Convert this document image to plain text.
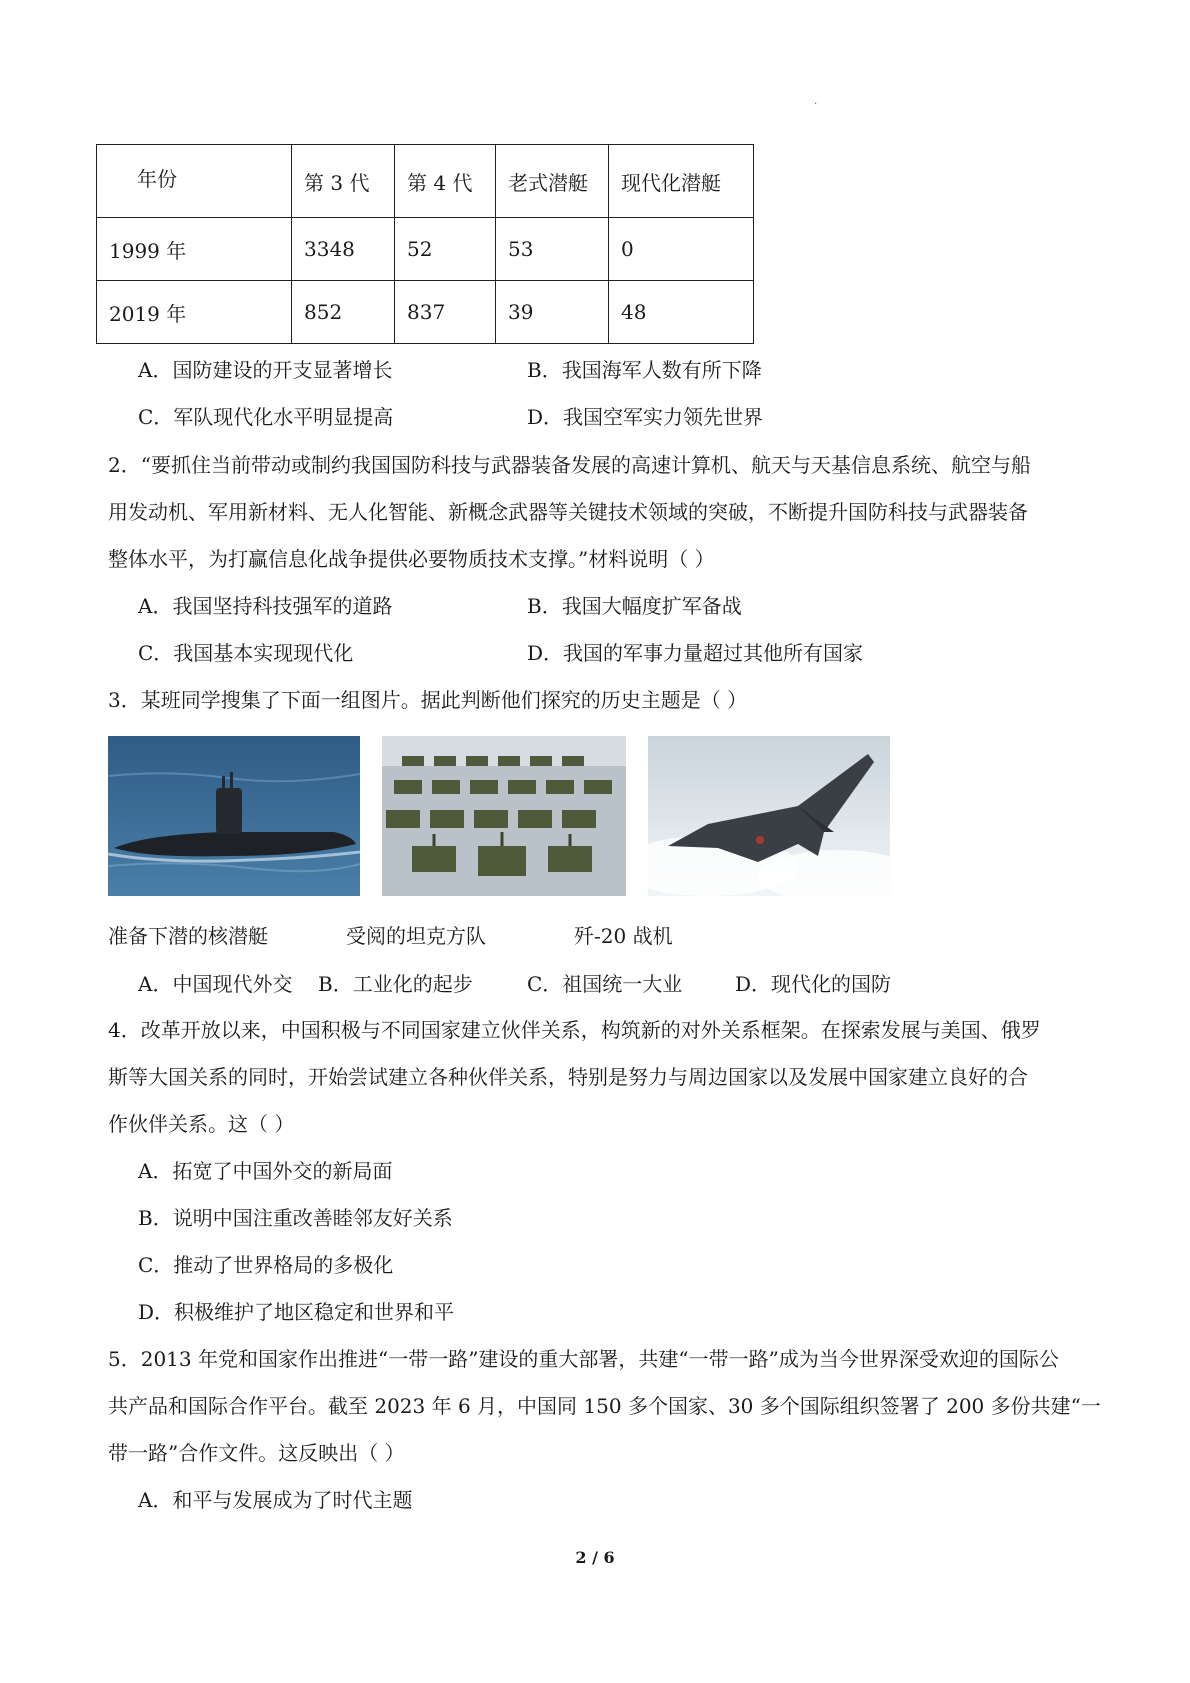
.
年份	第 3 代	第 4 代	老式潜艇	现代化潜艇
1999 年	3348	52	53	0
2019 年	852	837	39	48
A．国防建设的开支显著增长	B．我国海军人数有所下降
C．军队现代化水平明显提高	D．我国空军实力领先世界
2．“要抓住当前带动或制约我国国防科技与武器装备发展的高速计算机、航天与天基信息系统、航空与船
用发动机、军用新材料、无人化智能、新概念武器等关键技术领域的突破，不断提升国防科技与武器装备
整体水平，为打赢信息化战争提供必要物质技术支撑。”材料说明（ ）
A．我国坚持科技强军的道路	B．我国大幅度扩军备战
C．我国基本实现现代化	D．我国的军事力量超过其他所有国家
3．某班同学搜集了下面一组图片。据此判断他们探究的历史主题是（ ）
准备下潜的核潜艇	受阅的坦克方队	歼-20 战机
A．中国现代外交 B．工业化的起步	C．祖国统一大业	D．现代化的国防
4．改革开放以来，中国积极与不同国家建立伙伴关系，构筑新的对外关系框架。在探索发展与美国、俄罗
斯等大国关系的同时，开始尝试建立各种伙伴关系，特别是努力与周边国家以及发展中国家建立良好的合
作伙伴关系。这（ ）
A．拓宽了中国外交的新局面
B．说明中国注重改善睦邻友好关系
C．推动了世界格局的多极化
D．积极维护了地区稳定和世界和平
5．2013 年党和国家作出推进“一带一路”建设的重大部署，共建“一带一路”成为当今世界深受欢迎的国际公
共产品和国际合作平台。截至 2023 年 6 月，中国同 150 多个国家、30 多个国际组织签署了 200 多份共建“一
带一路”合作文件。这反映出（ ）
A．和平与发展成为了时代主题
2 / 6
